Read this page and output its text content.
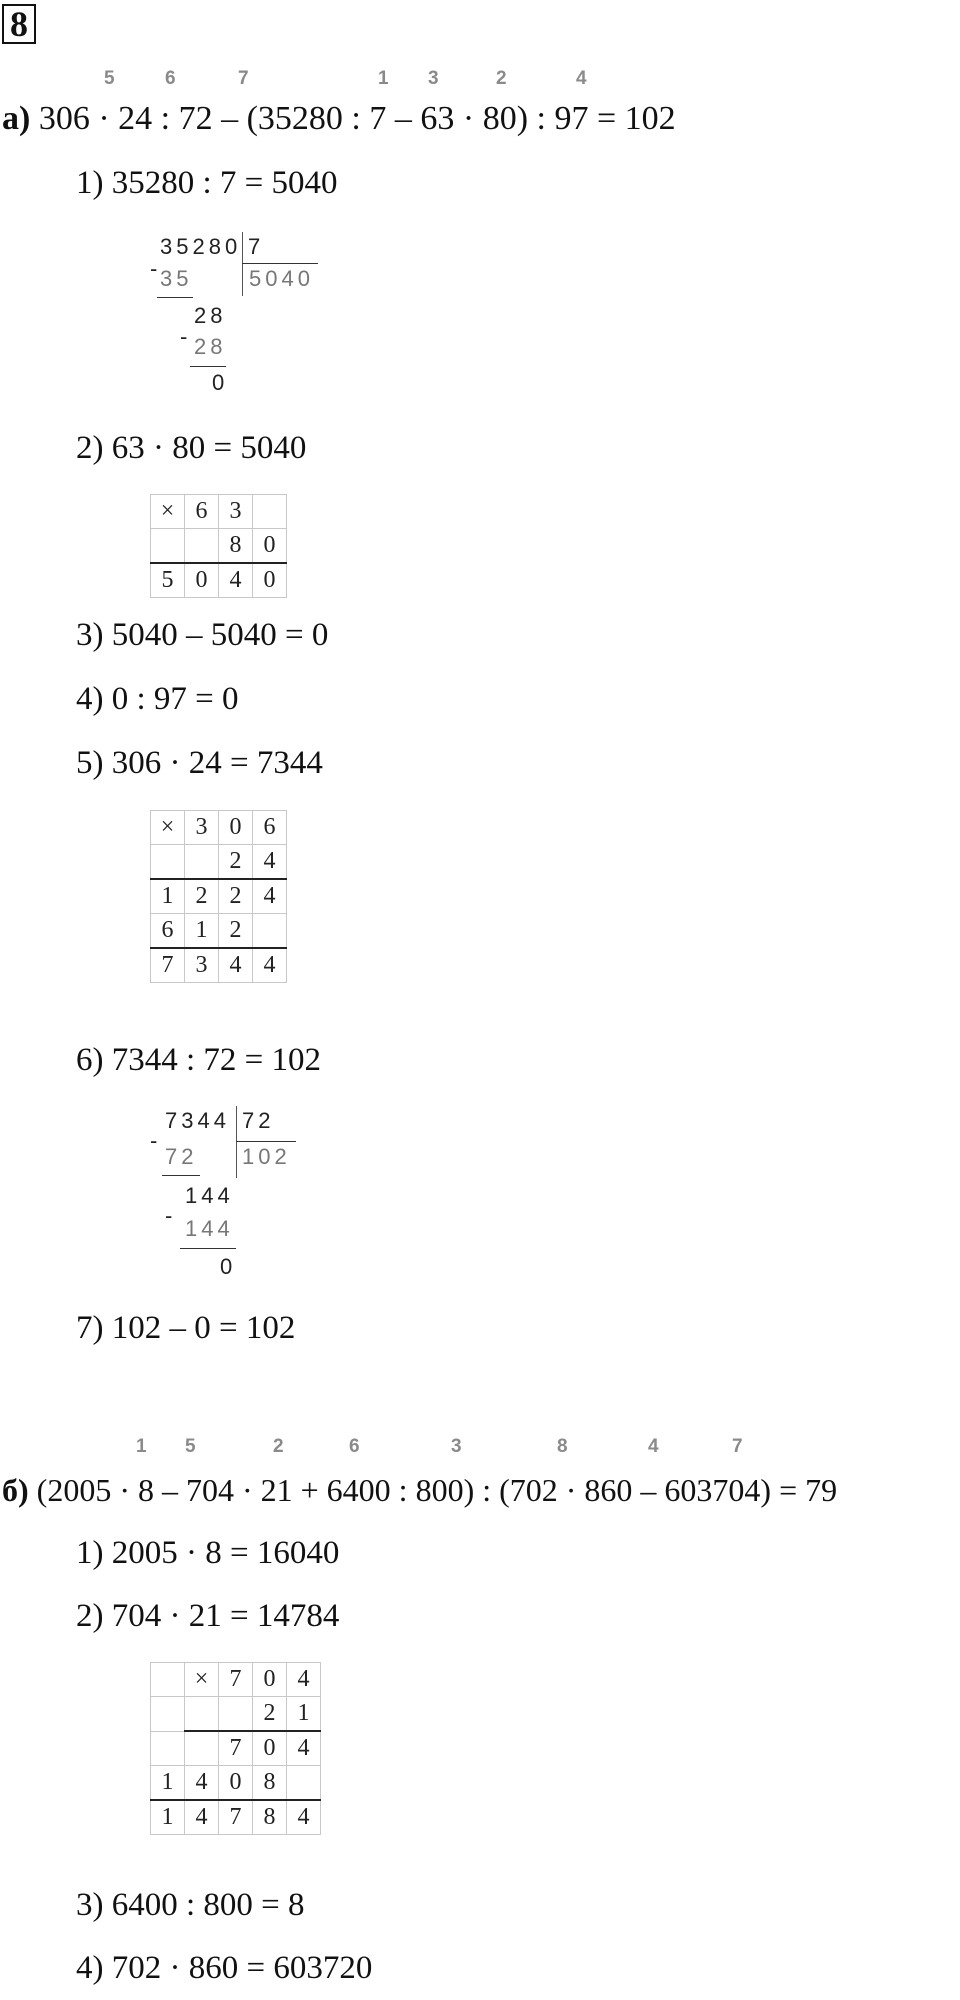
8
5	6	7	1 3	2	4
а) 306 · 24 : 72 – (35280 : 7 – 63 · 80) : 97 = 102
1) 35280 : 7 = 5040
-
35280 7
5040
35
28
- 28
0
2) 63 · 80 = 5040
×	6	3	
		8	0
5	0	4	0
3) 5040 – 5040 = 0
4) 0 : 97 = 0
5) 306 · 24 = 7344
×	3	0	6
		2	4
1	2	2	4
6	1	2	
7	3	4	4
6) 7344 : 72 = 102
-
7344 72
102
72
144
-
144
0
7) 102 – 0 = 102
1 5	2	6	3	8	4	7
б) (2005 · 8 – 704 · 21 + 6400 : 800) : (702 · 860 – 603704) = 79
1) 2005 · 8 = 16040
2) 704 · 21 = 14784
	×	7	0	4
			2	1
		7	0	4
1	4	0	8	
1	4	7	8	4
3) 6400 : 800 = 8
4) 702 · 860 = 603720
